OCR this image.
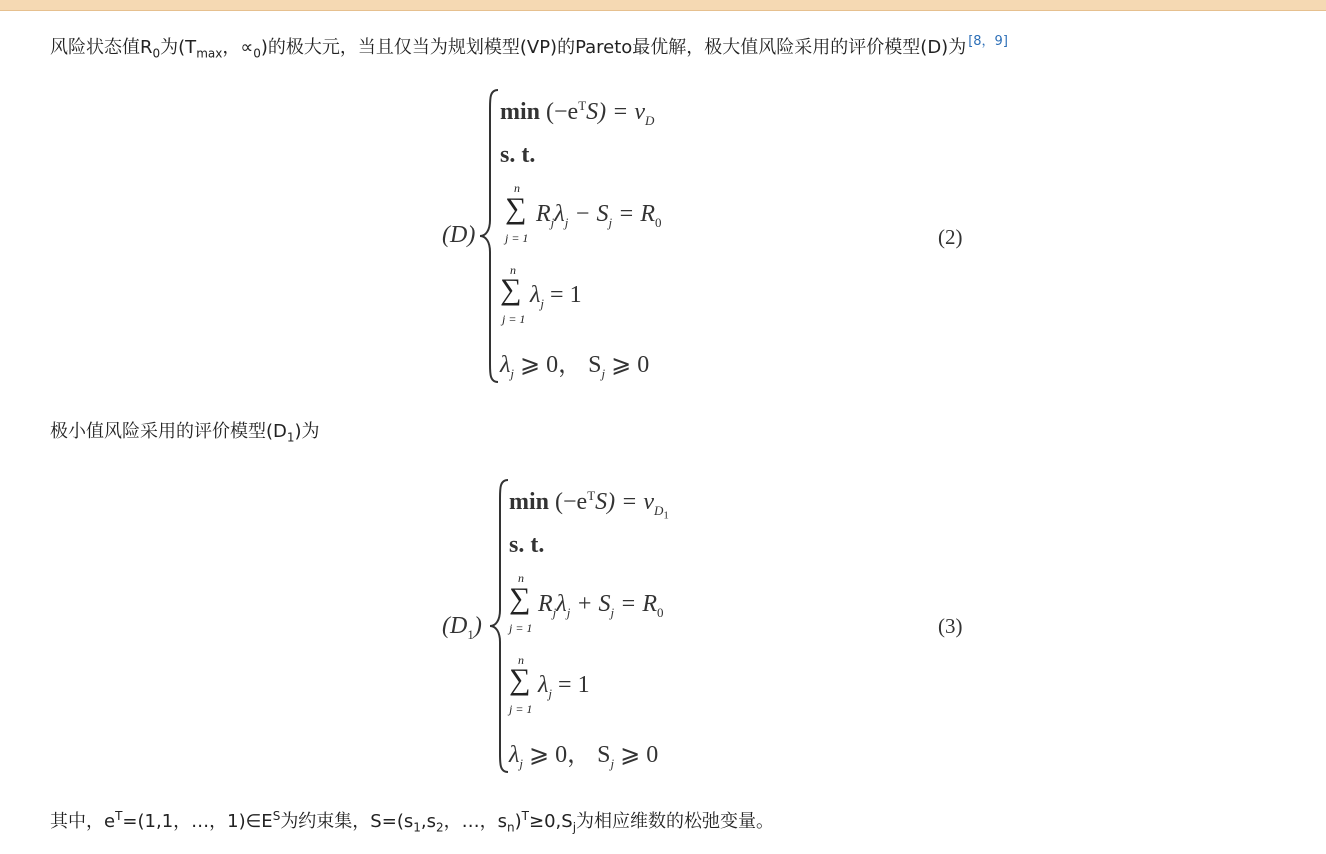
风险状态值$R_0$为($T_{max}$，$\propto_0$)的极大元，当且仅当为规划模型(VP)的Pareto最优解，极大值风险采用的评价模型(D)为 [8，9]
(D)
$\min (-e^TS) = v_D$
s. t.
n
∑
j = 1
$R_j\lambda_j - S_j = R_0$
n
∑
j = 1
$\lambda_j = 1$
$\lambda_j$ ⩾ 0， $S_j$ ⩾ 0
(2)
极小值风险采用的评价模型$(D_1)$为
$(D_1)$
$\min (-e^TS) = v_{D_1}$
s. t.
n
∑
j = 1
$R_j\lambda_j + S_j = R_0$
n
∑
j = 1
$\lambda_j = 1$
$\lambda_j$ ⩾ 0， $S_j$ ⩾ 0
(3)
其中，$e^T=(1,1$，…，$1)\in E^S$为约束集，$S=(s_1,s_2$，…，$s_n)^T\ge 0,S_j$为相应维数的松弛变量。
